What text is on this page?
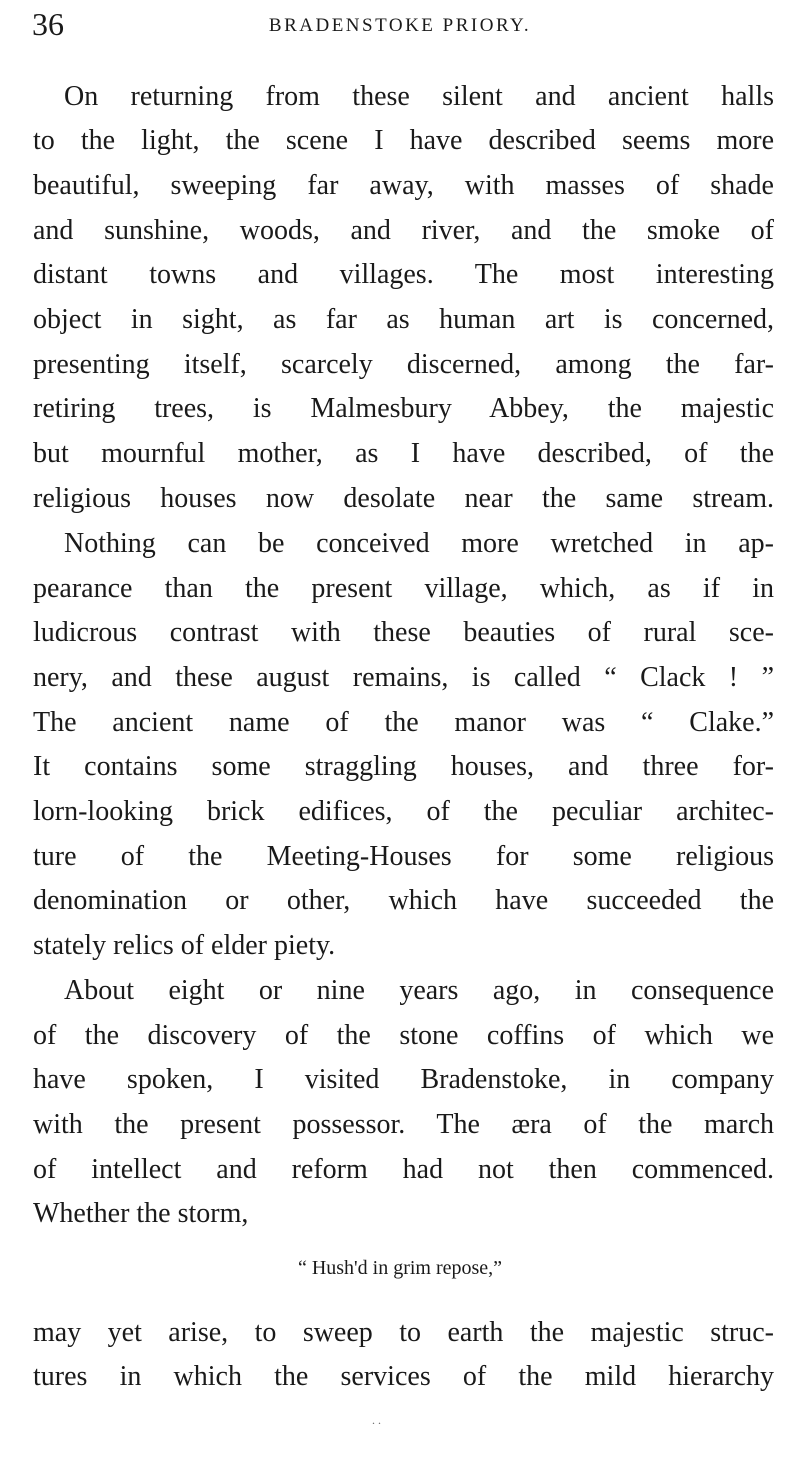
36	BRADENSTOKE PRIORY.
On returning from these silent and ancient halls
to the light, the scene I have described seems more
beautiful, sweeping far away, with masses of shade
and sunshine, woods, and river, and the smoke of
distant towns and villages. The most interesting
object in sight, as far as human art is concerned,
presenting itself, scarcely discerned, among the far-
retiring trees, is Malmesbury Abbey, the majestic
but mournful mother, as I have described, of the
religious houses now desolate near the same stream.
Nothing can be conceived more wretched in ap-
pearance than the present village, which, as if in
ludicrous contrast with these beauties of rural sce-
nery, and these august remains, is called “ Clack ! ”
The ancient name of the manor was “ Clake.”
It contains some straggling houses, and three for-
lorn-looking brick edifices, of the peculiar architec-
ture of the Meeting-Houses for some religious
denomination or other, which have succeeded the
stately relics of elder piety.
About eight or nine years ago, in consequence
of the discovery of the stone coffins of which we
have spoken, I visited Bradenstoke, in company
with the present possessor. The æra of the march
of intellect and reform had not then commenced.
Whether the storm,
“ Hush'd in grim repose,”
may yet arise, to sweep to earth the majestic struc-
tures in which the services of the mild hierarchy
. .
